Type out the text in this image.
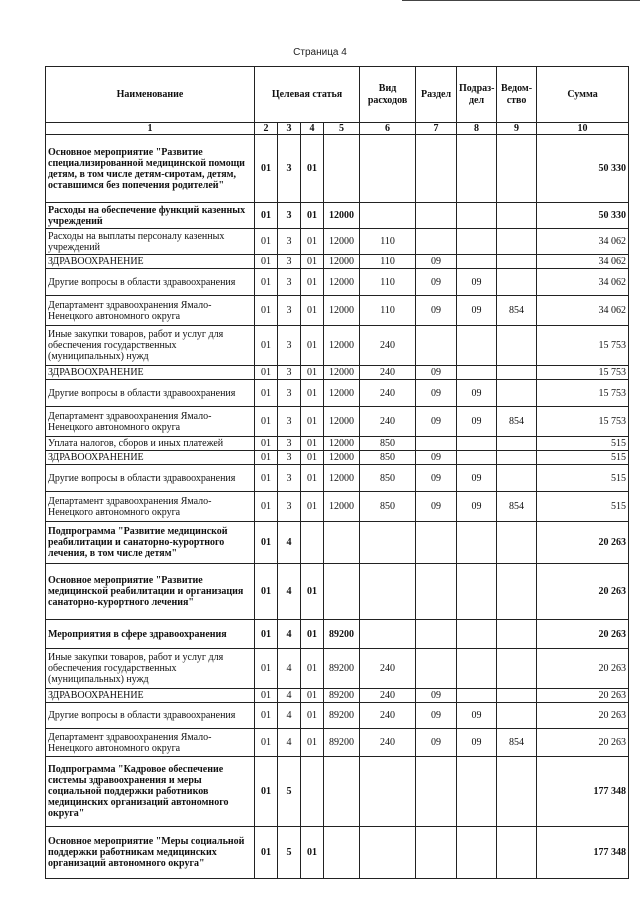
Страница 4
Наименование	Целевая статья				Вид расходов	Раздел	Подраз-дел	Ведом-ство	Сумма
1	2	3	4	5	6	7	8	9	10
Основное мероприятие "Развитие специализированной медицинской помощи детям, в том числе детям-сиротам, детям, оставшимся без попечения родителей"	01	3	01						50 330
Расходы на обеспечение функций казенных учреждений	01	3	01	12000					50 330
Расходы на выплаты персоналу казенных учреждений	01	3	01	12000	110				34 062
ЗДРАВООХРАНЕНИЕ	01	3	01	12000	110	09			34 062
Другие вопросы в области здравоохранения	01	3	01	12000	110	09	09		34 062
Департамент здравоохранения Ямало-Ненецкого автономного округа	01	3	01	12000	110	09	09	854	34 062
Иные закупки товаров, работ и услуг для обеспечения государственных (муниципальных) нужд	01	3	01	12000	240				15 753
ЗДРАВООХРАНЕНИЕ	01	3	01	12000	240	09			15 753
Другие вопросы в области здравоохранения	01	3	01	12000	240	09	09		15 753
Департамент здравоохранения Ямало-Ненецкого автономного округа	01	3	01	12000	240	09	09	854	15 753
Уплата налогов, сборов и иных платежей	01	3	01	12000	850				515
ЗДРАВООХРАНЕНИЕ	01	3	01	12000	850	09			515
Другие вопросы в области здравоохранения	01	3	01	12000	850	09	09		515
Департамент здравоохранения Ямало-Ненецкого автономного округа	01	3	01	12000	850	09	09	854	515
Подпрограмма "Развитие медицинской реабилитации и санаторно-курортного лечения, в том числе детям"	01	4							20 263
Основное мероприятие "Развитие медицинской реабилитации и организация санаторно-курортного лечения"	01	4	01						20 263
Мероприятия в сфере здравоохранения	01	4	01	89200					20 263
Иные закупки товаров, работ и услуг для обеспечения государственных (муниципальных) нужд	01	4	01	89200	240				20 263
ЗДРАВООХРАНЕНИЕ	01	4	01	89200	240	09			20 263
Другие вопросы в области здравоохранения	01	4	01	89200	240	09	09		20 263
Департамент здравоохранения Ямало-Ненецкого автономного округа	01	4	01	89200	240	09	09	854	20 263
Подпрограмма "Кадровое обеспечение системы здравоохранения и меры социальной поддержки работников медицинских организаций автономного округа"	01	5							177 348
Основное мероприятие "Меры социальной поддержки работникам медицинских организаций автономного округа"	01	5	01						177 348
